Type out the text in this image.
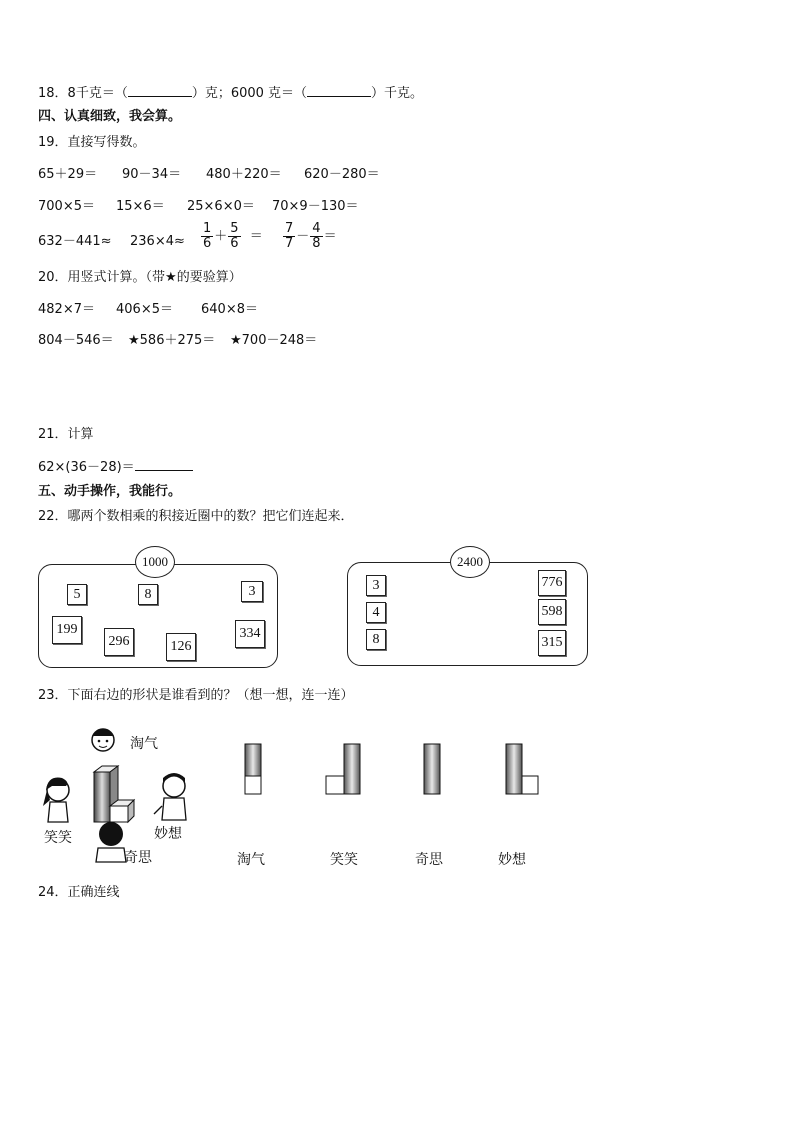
18．8千克＝（	）克；6000 克＝（	）千克。
四、认真细致，我会算。
19．直接写得数。
65＋29＝ 90－34＝ 480＋220＝ 620－280＝
700×5＝ 15×6＝ 25×6×0＝ 70×9－130＝
$632-441\approx 236\times 4\approx \frac{1}{6} + \frac{5}{6} = \frac{7}{7} - \frac{4}{8}$ ＝
20．用竖式计算。（带★的要验算）
482×7＝ 406×5＝ 640×8＝
804－546＝ ★586＋275＝ ★700－248＝
21．计算
62×(36－28)＝
五、动手操作，我能行。
22．哪两个数相乘的积接近圈中的数？把它们连起来．
1000
5	8	3
199
296	126
334
2400
3
4
8
776
598
315
23．下面右边的形状是谁看到的？（想一想，连一连）
淘气
笑笑	妙想
奇思	淘气	笑笑	奇思	妙想
24．正确连线
